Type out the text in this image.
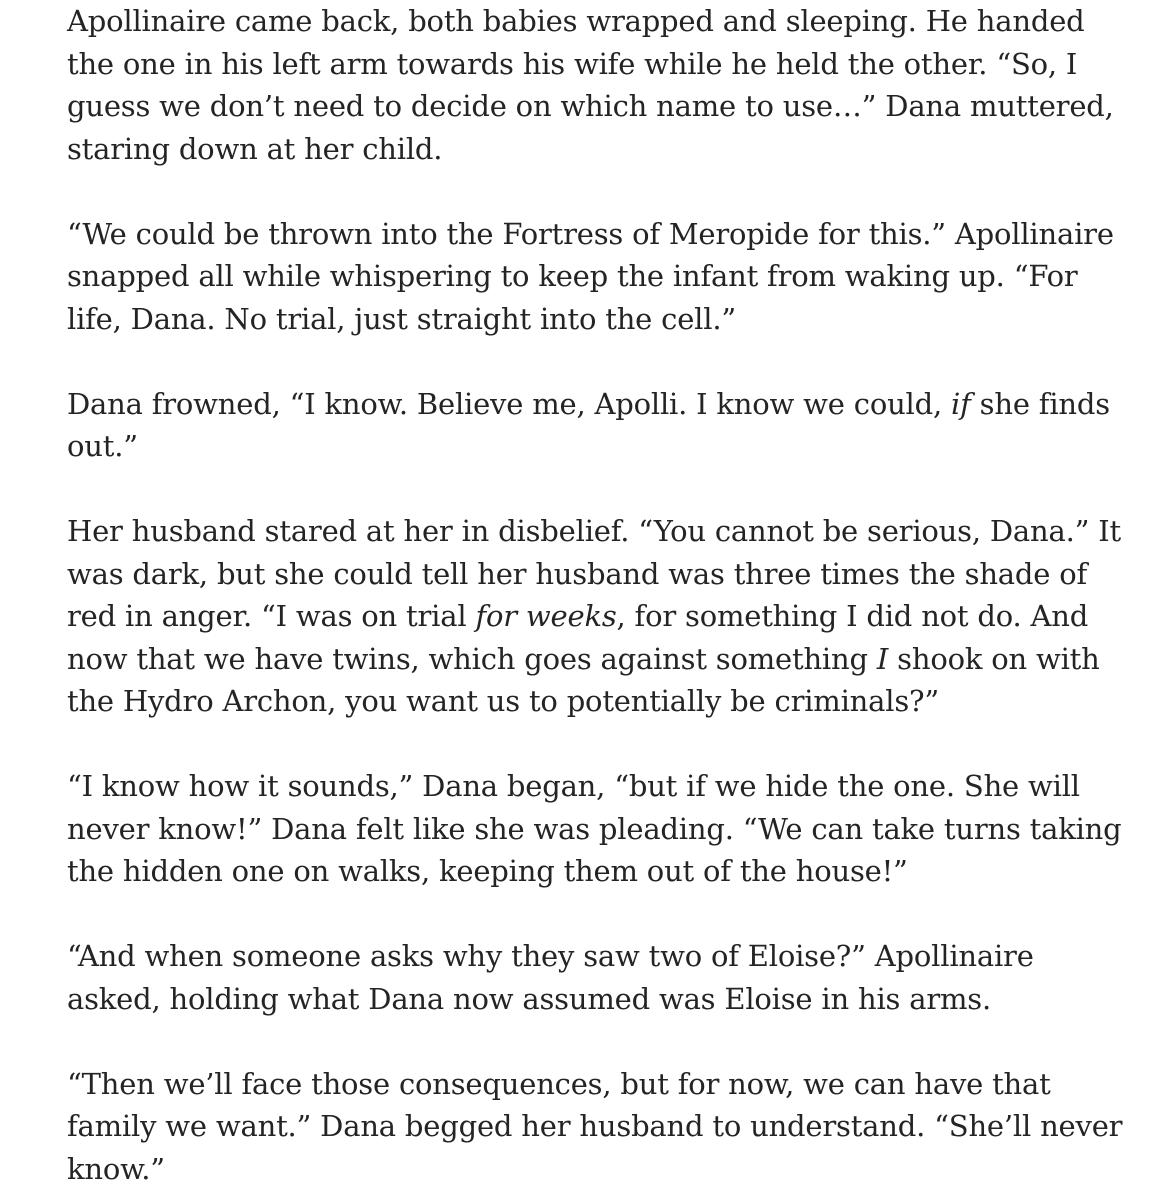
Apollinaire came back, both babies wrapped and sleeping. He handed
the one in his left arm towards his wife while he held the other. “So, I
guess we don’t need to decide on which name to use…” Dana muttered,
staring down at her child.
“We could be thrown into the Fortress of Meropide for this.” Apollinaire
snapped all while whispering to keep the infant from waking up. “For
life, Dana. No trial, just straight into the cell.”
Dana frowned, “I know. Believe me, Apolli. I know we could, if she finds
out.”
Her husband stared at her in disbelief. “You cannot be serious, Dana.” It
was dark, but she could tell her husband was three times the shade of
red in anger. “I was on trial for weeks, for something I did not do. And
now that we have twins, which goes against something I shook on with
the Hydro Archon, you want us to potentially be criminals?”
“I know how it sounds,” Dana began, “but if we hide the one. She will
never know!” Dana felt like she was pleading. “We can take turns taking
the hidden one on walks, keeping them out of the house!”
“And when someone asks why they saw two of Eloise?” Apollinaire
asked, holding what Dana now assumed was Eloise in his arms.
“Then we’ll face those consequences, but for now, we can have that
family we want.” Dana begged her husband to understand. “She’ll never
know.”
